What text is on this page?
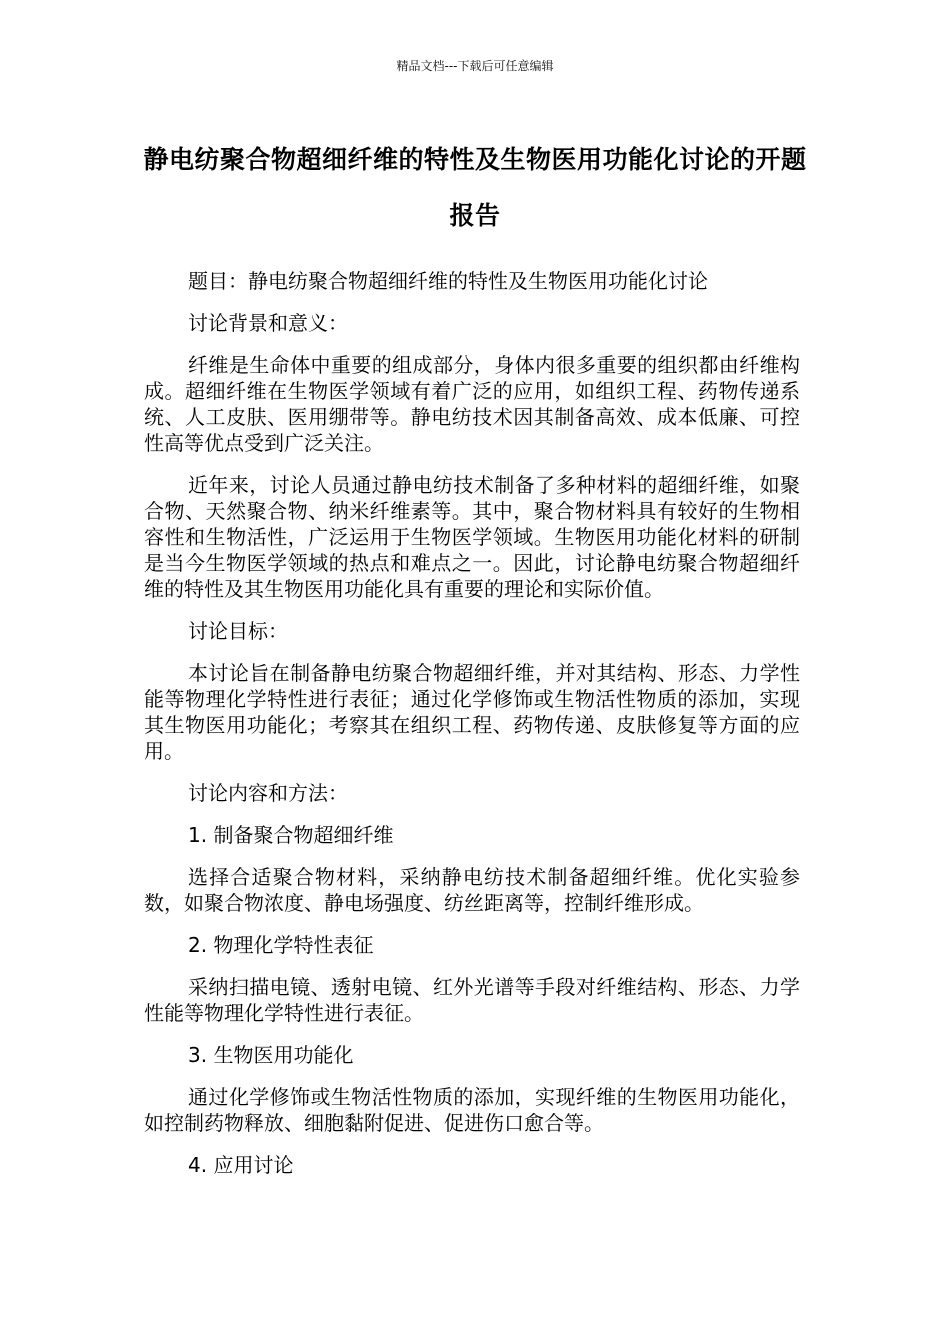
精品文档---下载后可任意编辑
静电纺聚合物超细纤维的特性及生物医用功能化讨论的开题报告

题目：静电纺聚合物超细纤维的特性及生物医用功能化讨论

讨论背景和意义：

纤维是生命体中重要的组成部分，身体内很多重要的组织都由纤维构成。超细纤维在生物医学领域有着广泛的应用，如组织工程、药物传递系统、人工皮肤、医用绷带等。静电纺技术因其制备高效、成本低廉、可控性高等优点受到广泛关注。

近年来，讨论人员通过静电纺技术制备了多种材料的超细纤维，如聚合物、天然聚合物、纳米纤维素等。其中，聚合物材料具有较好的生物相容性和生物活性，广泛运用于生物医学领域。生物医用功能化材料的研制是当今生物医学领域的热点和难点之一。因此，讨论静电纺聚合物超细纤维的特性及其生物医用功能化具有重要的理论和实际价值。

讨论目标：

本讨论旨在制备静电纺聚合物超细纤维，并对其结构、形态、力学性能等物理化学特性进行表征；通过化学修饰或生物活性物质的添加，实现其生物医用功能化；考察其在组织工程、药物传递、皮肤修复等方面的应用。

讨论内容和方法：

1. 制备聚合物超细纤维

选择合适聚合物材料，采纳静电纺技术制备超细纤维。优化实验参数，如聚合物浓度、静电场强度、纺丝距离等，控制纤维形成。

2. 物理化学特性表征

采纳扫描电镜、透射电镜、红外光谱等手段对纤维结构、形态、力学性能等物理化学特性进行表征。

3. 生物医用功能化

通过化学修饰或生物活性物质的添加，实现纤维的生物医用功能化，如控制药物释放、细胞黏附促进、促进伤口愈合等。

4. 应用讨论
